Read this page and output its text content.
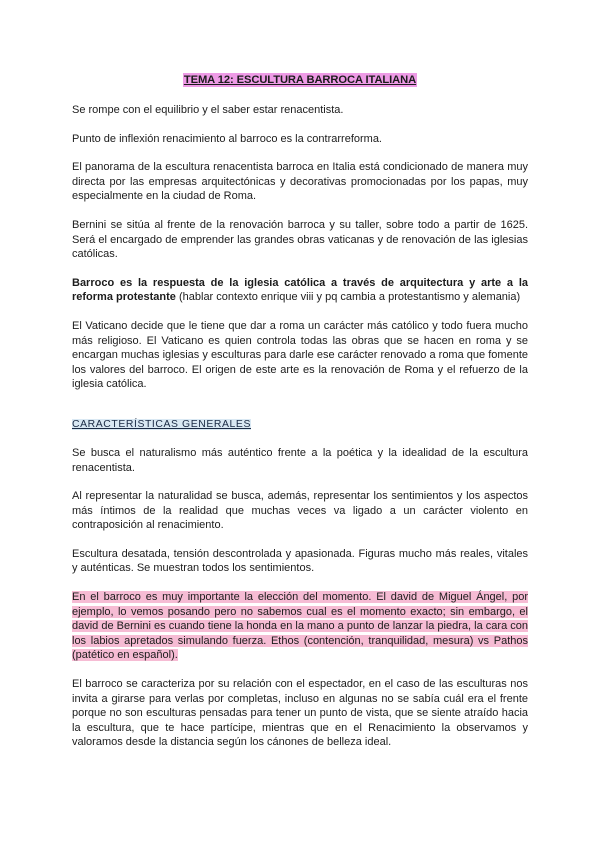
TEMA 12: ESCULTURA BARROCA ITALIANA

Se rompe con el equilibrio y el saber estar renacentista.

Punto de inflexión renacimiento al barroco es la contrarreforma.

El panorama de la escultura renacentista barroca en Italia está condicionado de manera muy directa por las empresas arquitectónicas y decorativas promocionadas por los papas, muy especialmente en la ciudad de Roma.

Bernini se sitúa al frente de la renovación barroca y su taller, sobre todo a partir de 1625. Será el encargado de emprender las grandes obras vaticanas y de renovación de las iglesias católicas.

Barroco es la respuesta de la iglesia católica a través de arquitectura y arte a la reforma protestante (hablar contexto enrique viii y pq cambia a protestantismo y alemania)

El Vaticano decide que le tiene que dar a roma un carácter más católico y todo fuera mucho más religioso. El Vaticano es quien controla todas las obras que se hacen en roma y se encargan muchas iglesias y esculturas para darle ese carácter renovado a roma que fomente los valores del barroco. El origen de este arte es la renovación de Roma y el refuerzo de la iglesia católica.

CARACTERÍSTICAS GENERALES

Se busca el naturalismo más auténtico frente a la poética y la idealidad de la escultura renacentista.

Al representar la naturalidad se busca, además, representar los sentimientos y los aspectos más íntimos de la realidad que muchas veces va ligado a un carácter violento en contraposición al renacimiento.

Escultura desatada, tensión descontrolada y apasionada. Figuras mucho más reales, vitales y auténticas. Se muestran todos los sentimientos.

En el barroco es muy importante la elección del momento. El david de Miguel Ángel, por ejemplo, lo vemos posando pero no sabemos cual es el momento exacto; sin embargo, el david de Bernini es cuando tiene la honda en la mano a punto de lanzar la piedra, la cara con los labios apretados simulando fuerza. Ethos (contención, tranquilidad, mesura) vs Pathos (patético en español).

El barroco se caracteriza por su relación con el espectador, en el caso de las esculturas nos invita a girarse para verlas por completas, incluso en algunas no se sabía cuál era el frente porque no son esculturas pensadas para tener un punto de vista, que se siente atraído hacia la escultura, que te hace partícipe, mientras que en el Renacimiento la observamos y valoramos desde la distancia según los cánones de belleza ideal.
